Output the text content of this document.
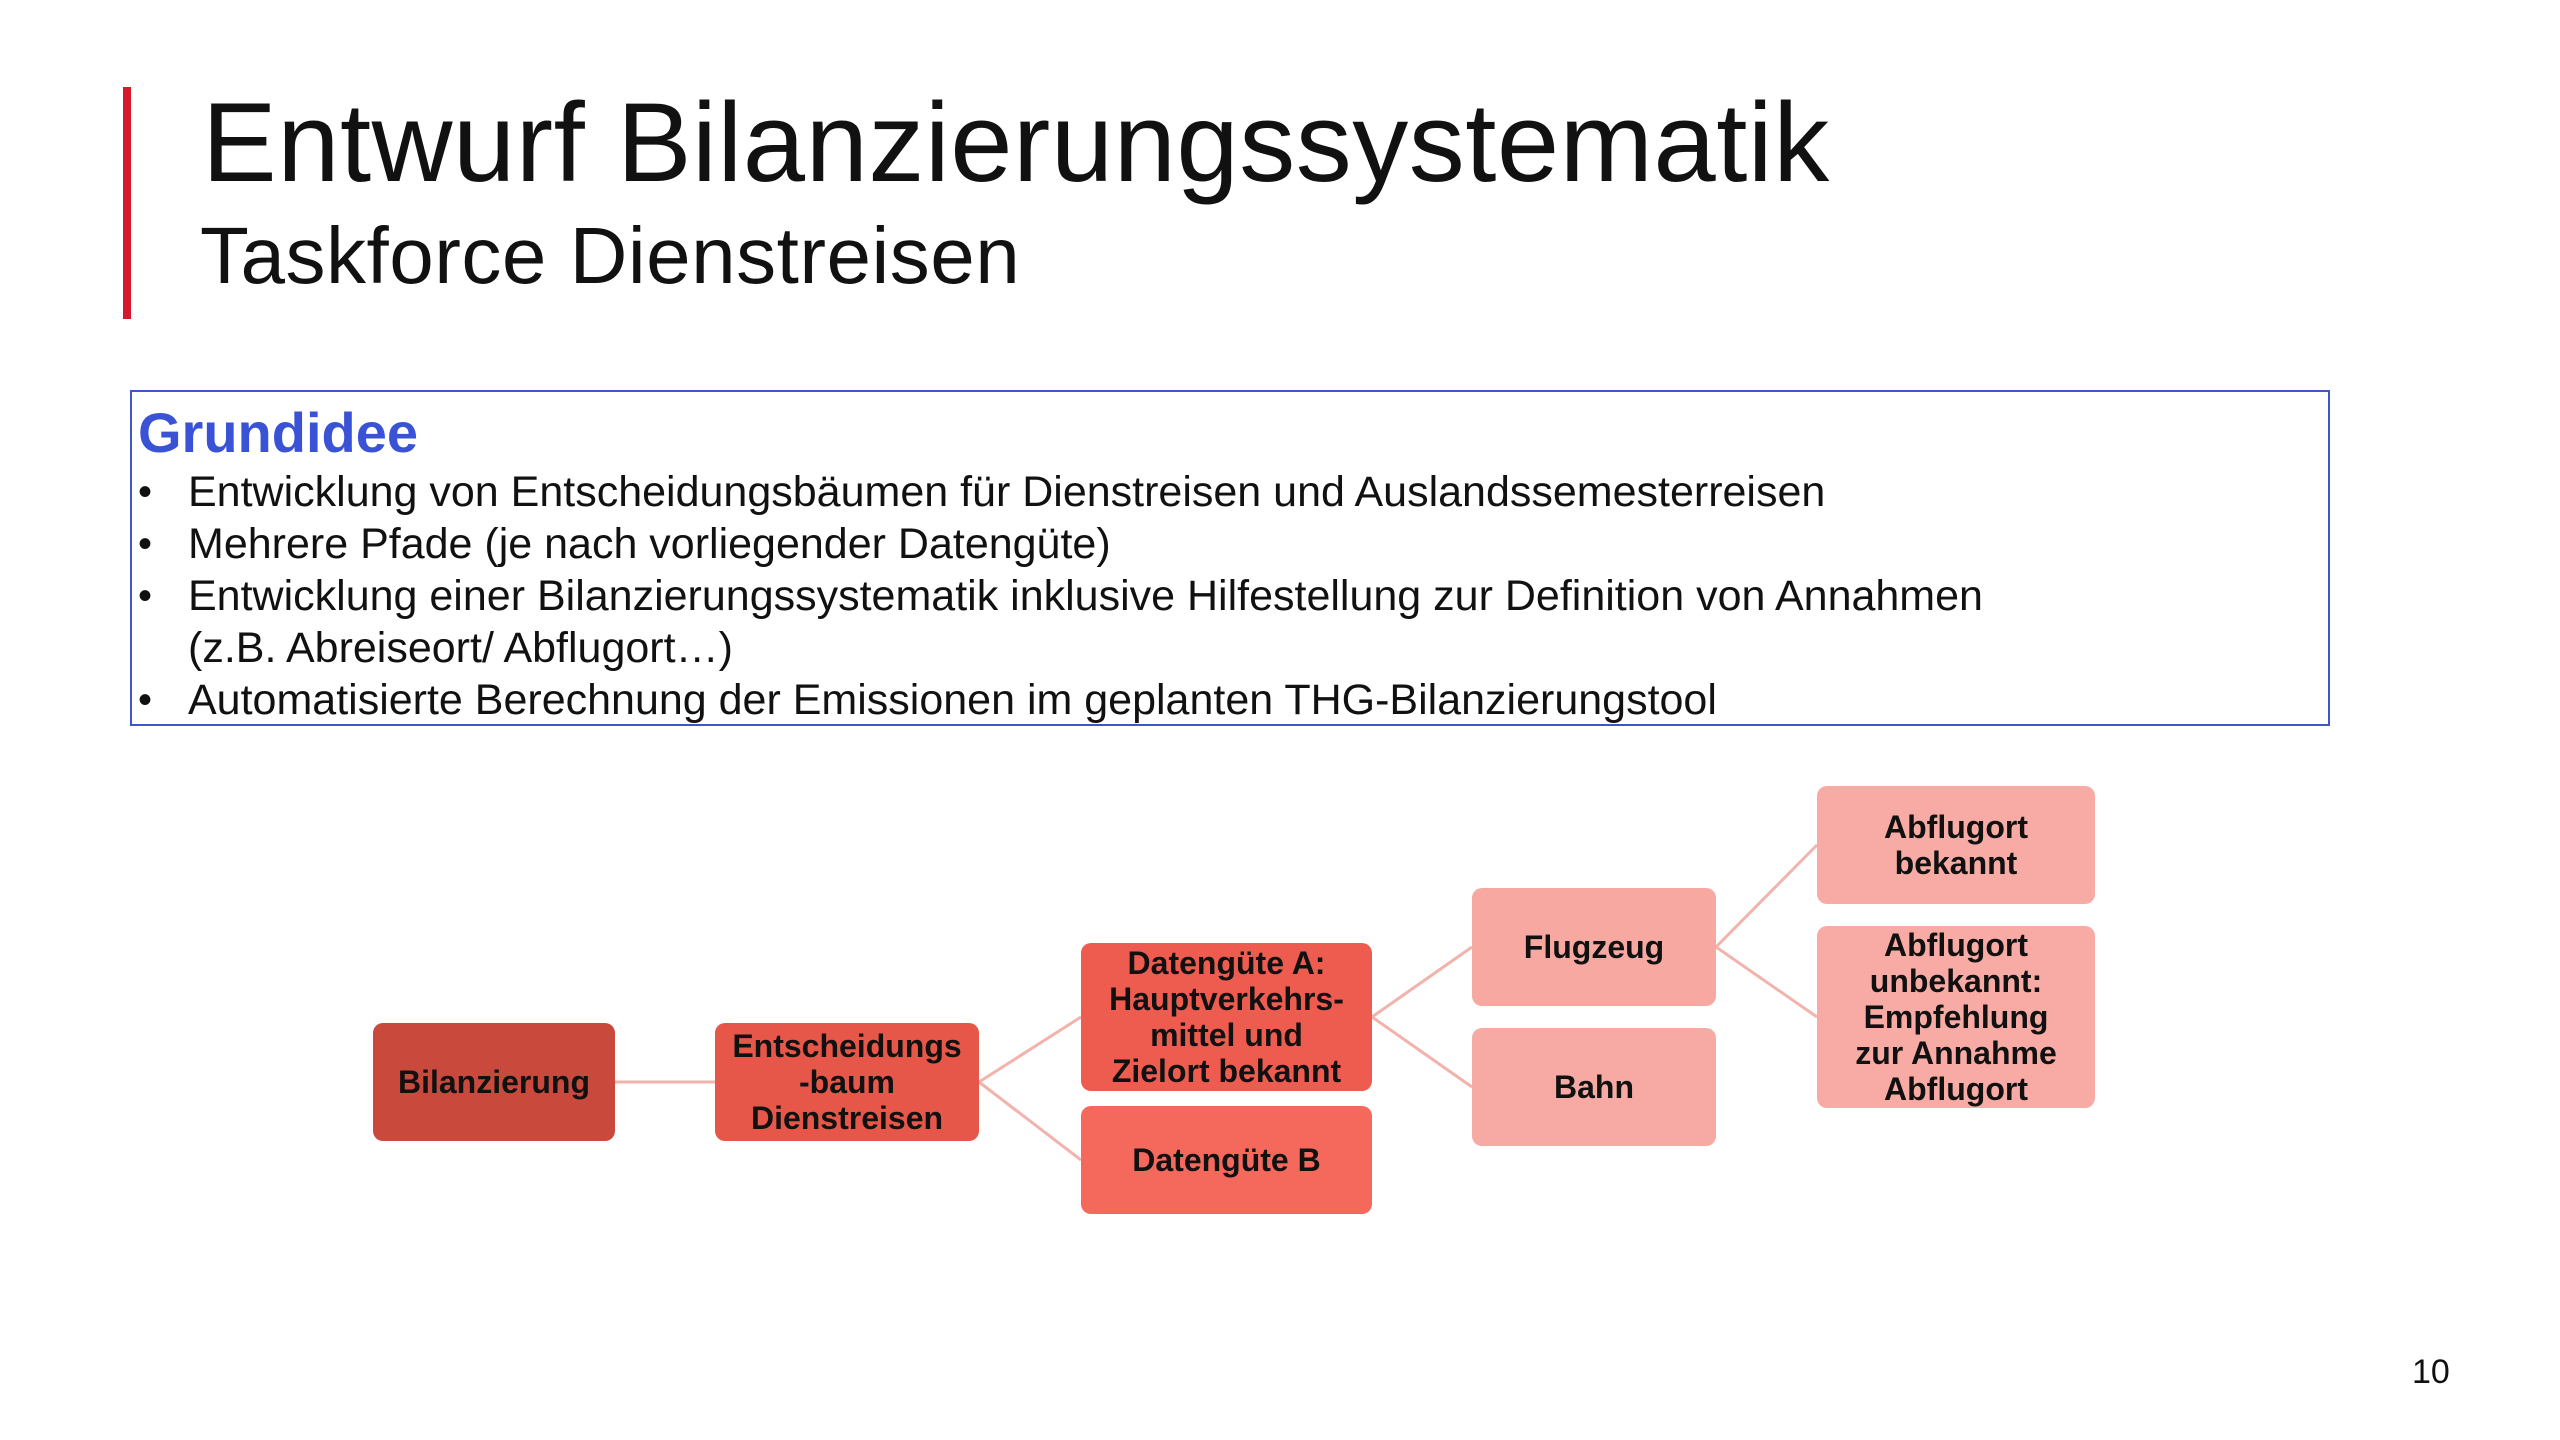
Entwurf Bilanzierungssystematik
Taskforce Dienstreisen
Grundidee
• Entwicklung von Entscheidungsbäumen für Dienstreisen und Auslandssemesterreisen
• Mehrere Pfade (je nach vorliegender Datengüte)
• Entwicklung einer Bilanzierungssystematik inklusive Hilfestellung zur Definition von Annahmen
(z.B. Abreiseort/ Abflugort…)
• Automatisierte Berechnung der Emissionen im geplanten THG-Bilanzierungstool
Bilanzierung
Entscheidungs
-baum
Dienstreisen
Datengüte A:
Hauptverkehrs-
mittel und
Zielort bekannt
Datengüte B
Flugzeug
Bahn
Abflugort
bekannt
Abflugort
unbekannt:
Empfehlung
zur Annahme
Abflugort
10
